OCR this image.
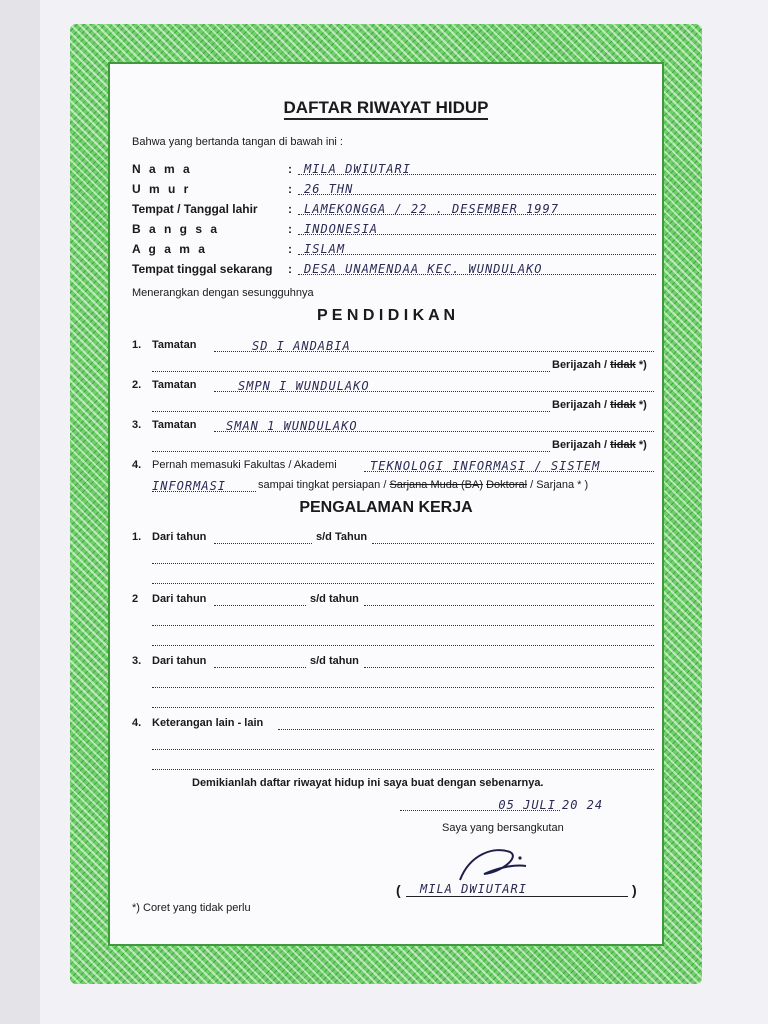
DAFTAR RIWAYAT HIDUP
Bahwa yang bertanda tangan di bawah ini :
N a m a	:	MILA DWIUTARI
U m u r	:	26 THN
Tempat / Tanggal lahir	:	LAMEKONGGA / 22 . DESEMBER 1997
B a n g s a	:	INDONESIA
A g a m a	:	ISLAM
Tempat tinggal sekarang :	DESA UNAMENDAA KEC. WUNDULAKO
Menerangkan dengan sesungguhnya
P E N D I D I K A N
1. Tamatan	SD I ANDABIA
Berijazah / tidak *)
2. Tamatan	SMPN I WUNDULAKO
Berijazah / tidak *)
3. Tamatan	SMAN 1 WUNDULAKO
Berijazah / tidak *)
4. Pernah memasuki Fakultas / Akademi	TEKNOLOGI INFORMASI / SISTEM
INFORMASI	sampai tingkat persiapan / Sarjana Muda (BA) Doktoral / Sarjana * )
PENGALAMAN KERJA
1. Dari tahun	s/d Tahun
2 Dari tahun	s/d tahun
3. Dari tahun	s/d tahun
4. Keterangan lain - lain
Demikianlah daftar riwayat hidup ini saya buat dengan sebenarnya.
05 JULI 20 24
Saya yang bersangkutan
(	MILA DWIUTARI	)
*) Coret yang tidak perlu
